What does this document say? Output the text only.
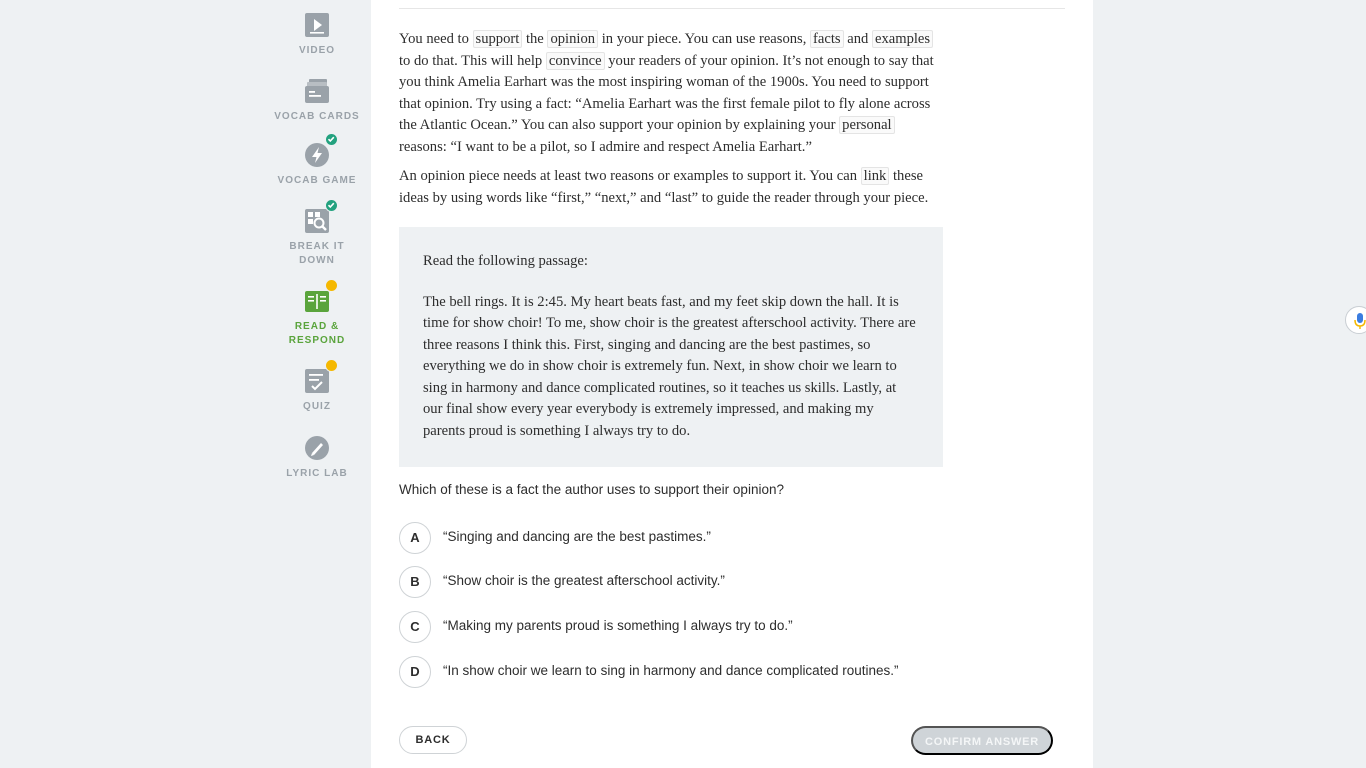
VIDEO
VOCAB CARDS
VOCAB GAME
BREAK IT
DOWN
READ &
RESPOND
QUIZ
LYRIC LAB

You need to support the opinion in your piece. You can use reasons, facts and examples to do that. This will help convince your readers of your opinion. It’s not enough to say that you think Amelia Earhart was the most inspiring woman of the 1900s. You need to support that opinion. Try using a fact: “Amelia Earhart was the first female pilot to fly alone across the Atlantic Ocean.” You can also support your opinion by explaining your personal reasons: “I want to be a pilot, so I admire and respect Amelia Earhart.”

An opinion piece needs at least two reasons or examples to support it. You can link these ideas by using words like “first,” “next,” and “last” to guide the reader through your piece.

Read the following passage:

The bell rings. It is 2:45. My heart beats fast, and my feet skip down the hall. It is time for show choir! To me, show choir is the greatest afterschool activity. There are three reasons I think this. First, singing and dancing are the best pastimes, so everything we do in show choir is extremely fun. Next, in show choir we learn to sing in harmony and dance complicated routines, so it teaches us skills. Lastly, at our final show every year everybody is extremely impressed, and making my parents proud is something I always try to do.

Which of these is a fact the author uses to support their opinion?

A	“Singing and dancing are the best pastimes.”
B	“Show choir is the greatest afterschool activity.”
C	“Making my parents proud is something I always try to do.”
D	“In show choir we learn to sing in harmony and dance complicated routines.”
BACK	CONFIRM ANSWER
